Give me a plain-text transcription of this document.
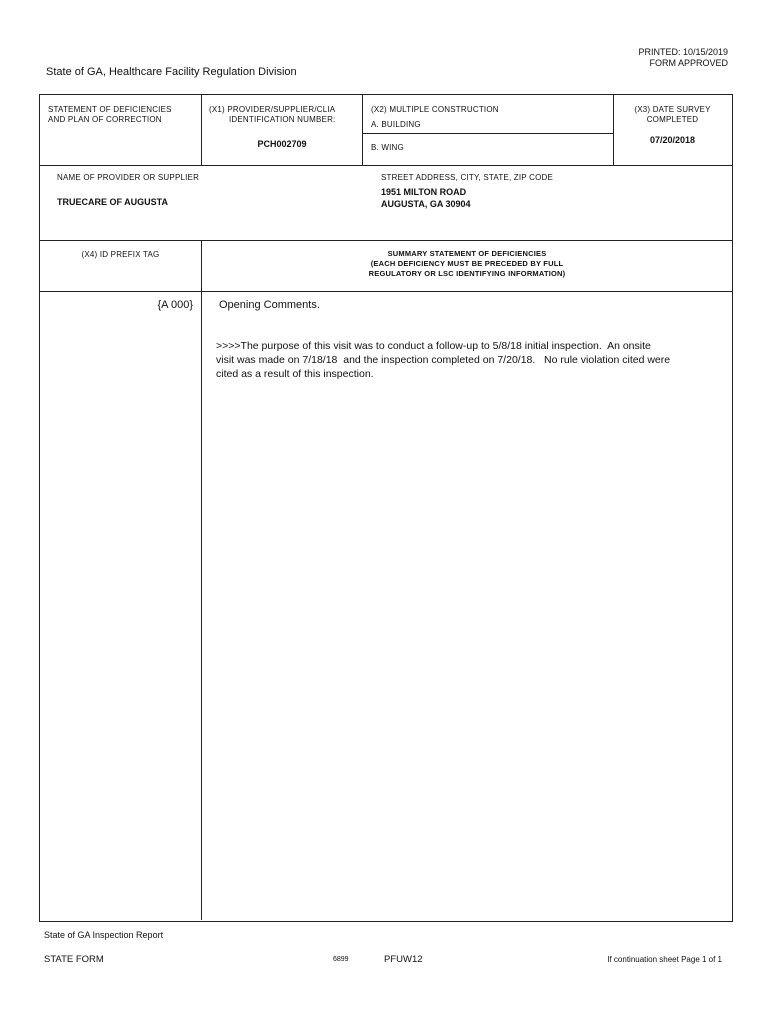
PRINTED: 10/15/2019
FORM APPROVED
State of GA, Healthcare Facility Regulation Division
STATEMENT OF DEFICIENCIES
AND PLAN OF CORRECTION
(X1) PROVIDER/SUPPLIER/CLIA
IDENTIFICATION NUMBER:
PCH002709
(X2) MULTIPLE CONSTRUCTION
A. BUILDING
B. WING
(X3) DATE SURVEY
COMPLETED
07/20/2018
NAME OF PROVIDER OR SUPPLIER
TRUECARE OF AUGUSTA
STREET ADDRESS, CITY, STATE, ZIP CODE
1951 MILTON ROAD
AUGUSTA, GA 30904
(X4) ID PREFIX TAG	SUMMARY STATEMENT OF DEFICIENCIES
(EACH DEFICIENCY MUST BE PRECEDED BY FULL
REGULATORY OR LSC IDENTIFYING INFORMATION)
{A 000} Opening Comments.
>>>>The purpose of this visit was to conduct a follow-up to 5/8/18 initial inspection.  An onsite
visit was made on 7/18/18  and the inspection completed on 7/20/18.   No rule violation cited were
cited as a result of this inspection.
State of GA Inspection Report
STATE FORM	6899	PFUW12	If continuation sheet Page 1 of 1
